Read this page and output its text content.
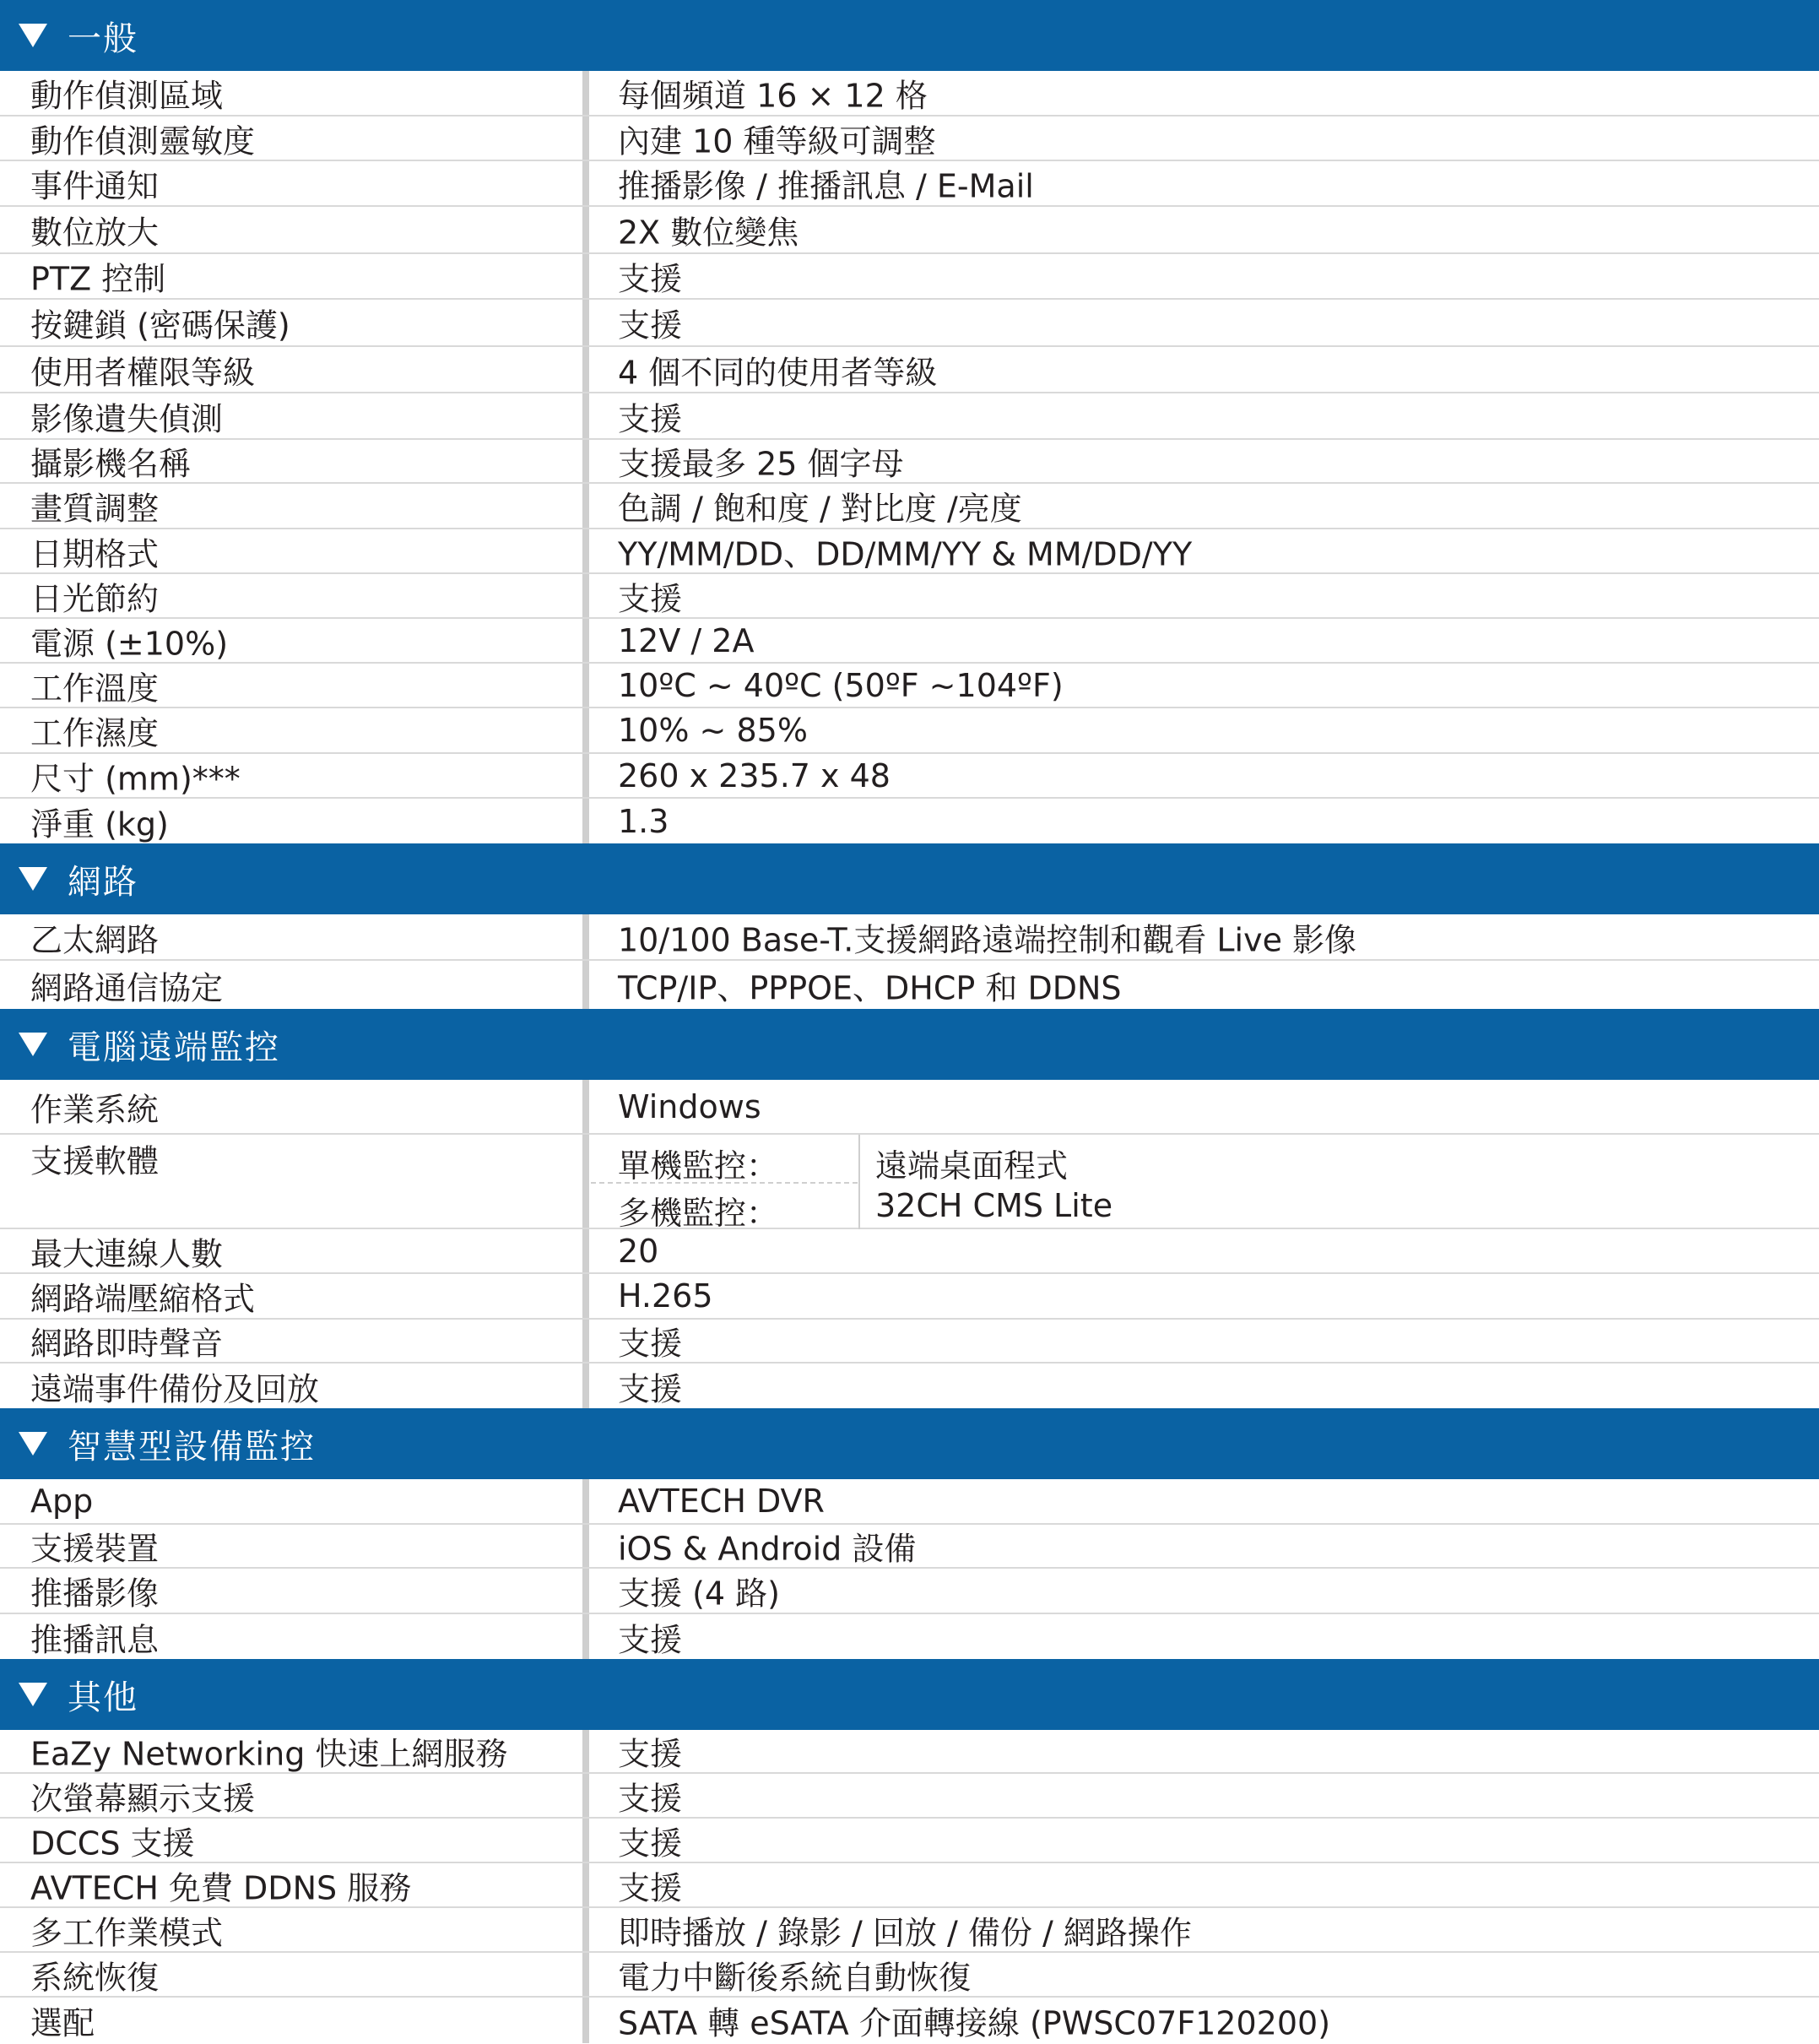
一般
動作偵測區域	每個頻道 16 × 12 格
動作偵測靈敏度	內建 10 種等級可調整
事件通知	推播影像 / 推播訊息 / E-Mail
數位放大	2X 數位變焦
PTZ 控制	支援
按鍵鎖 (密碼保護)	支援
使用者權限等級	4 個不同的使用者等級
影像遺失偵測	支援
攝影機名稱	支援最多 25 個字母
畫質調整	色調 / 飽和度 / 對比度 /亮度
日期格式	YY/MM/DD、DD/MM/YY & MM/DD/YY
日光節約	支援
電源 (±10%)	12V / 2A
工作溫度	10ºC ~ 40ºC (50ºF ~104ºF)
工作濕度	10% ~ 85%
尺寸 (mm)***	260 x 235.7 x 48
淨重 (kg)	1.3
網路
乙太網路	10/100 Base-T.支援網路遠端控制和觀看 Live 影像
網路通信協定	TCP/IP、PPPOE、DHCP 和 DDNS
電腦遠端監控
作業系統	Windows
支援軟體	單機監控：	遠端桌面程式
多機監控：	32CH CMS Lite
最大連線人數	20
網路端壓縮格式	H.265
網路即時聲音	支援
遠端事件備份及回放	支援
智慧型設備監控
App	AVTECH DVR
支援裝置	iOS & Android 設備
推播影像	支援 (4 路)
推播訊息	支援
其他
EaZy Networking 快速上網服務	支援
次螢幕顯示支援	支援
DCCS 支援	支援
AVTECH 免費 DDNS 服務	支援
多工作業模式	即時播放 / 錄影 / 回放 / 備份 / 網路操作
系統恢復	電力中斷後系統自動恢復
選配	SATA 轉 eSATA 介面轉接線 (PWSC07F120200)
